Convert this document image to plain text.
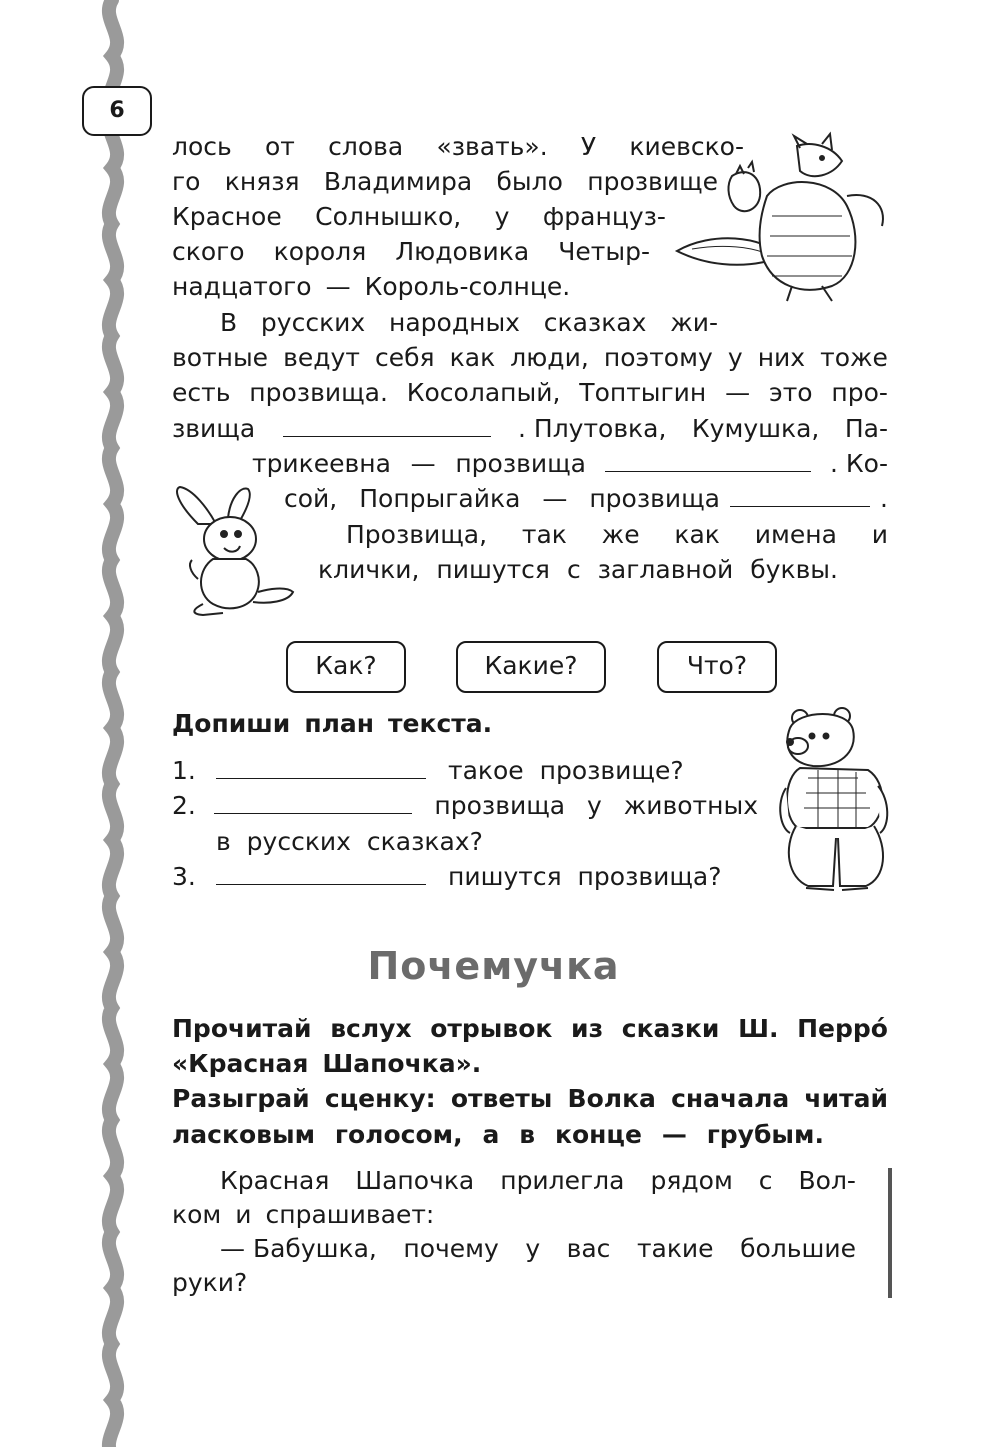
6
лось от слова «звать». У киевско-
го князя Владимира было прозвище
Красное Солнышко, у француз-
ского короля Людовика Четыр-
надцатого — Король-солнце.
В русских народных сказках жи-
вотные ведут себя как люди, поэтому у них тоже
есть прозвища. Косолапый, Топтыгин — это про-
звища	. Плутовка, Кумушка, Па-
трикеевна — прозвища	. Ко-
сой, Попрыгайка — прозвища	.
Прозвища, так же как имена и
клички, пишутся с заглавной буквы.
Как?	Какие?	Что?
Допиши план текста.
1.	такое прозвище?
2.	прозвища у животных
в русских сказках?
3.	пишутся прозвища?
Почемучка
Прочитай вслух отрывок из сказки Ш. Перро́
«Красная Шапочка».
Разыграй сценку: ответы Волка сначала читай
ласковым голосом, а в конце — грубым.
Красная Шапочка прилегла рядом с Вол-
ком и спрашивает:
— Бабушка, почему у вас такие большие
руки?
